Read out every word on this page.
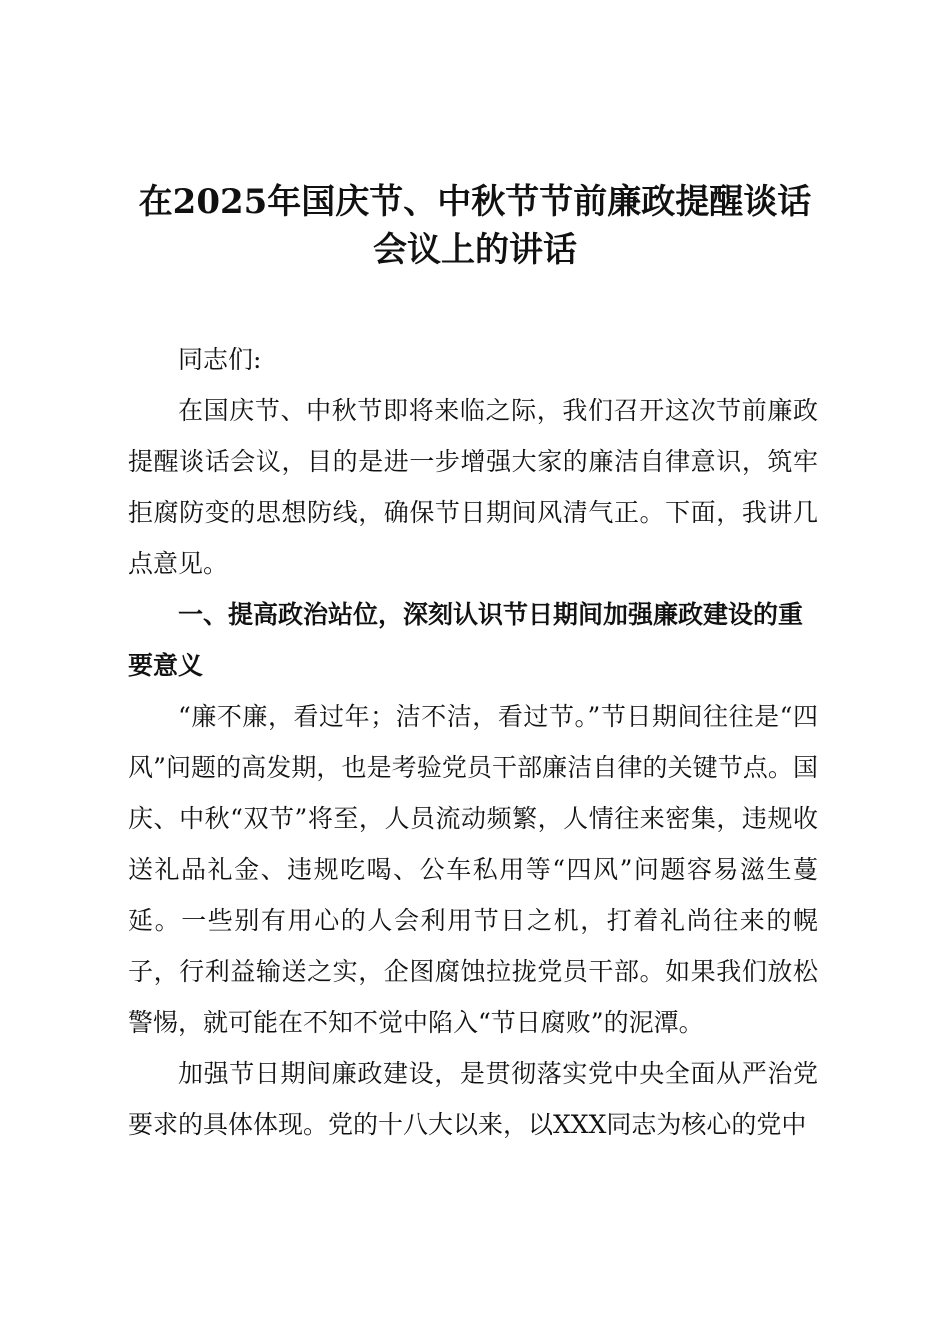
在2025年国庆节、中秋节节前廉政提醒谈话
会议上的讲话

同志们:

在国庆节、中秋节即将来临之际，我们召开这次节前廉政提醒谈话会议，目的是进一步增强大家的廉洁自律意识，筑牢拒腐防变的思想防线，确保节日期间风清气正。下面，我讲几点意见。

一、提高政治站位，深刻认识节日期间加强廉政建设的重要意义

“廉不廉，看过年；洁不洁，看过节。”节日期间往往是“四风”问题的高发期，也是考验党员干部廉洁自律的关键节点。国庆、中秋“双节”将至，人员流动频繁，人情往来密集，违规收送礼品礼金、违规吃喝、公车私用等“四风”问题容易滋生蔓延。一些别有用心的人会利用节日之机，打着礼尚往来的幌子，行利益输送之实，企图腐蚀拉拢党员干部。如果我们放松警惕，就可能在不知不觉中陷入“节日腐败”的泥潭。

加强节日期间廉政建设，是贯彻落实党中央全面从严治党要求的具体体现。党的十八大以来，以XXX同志为核心的党中
